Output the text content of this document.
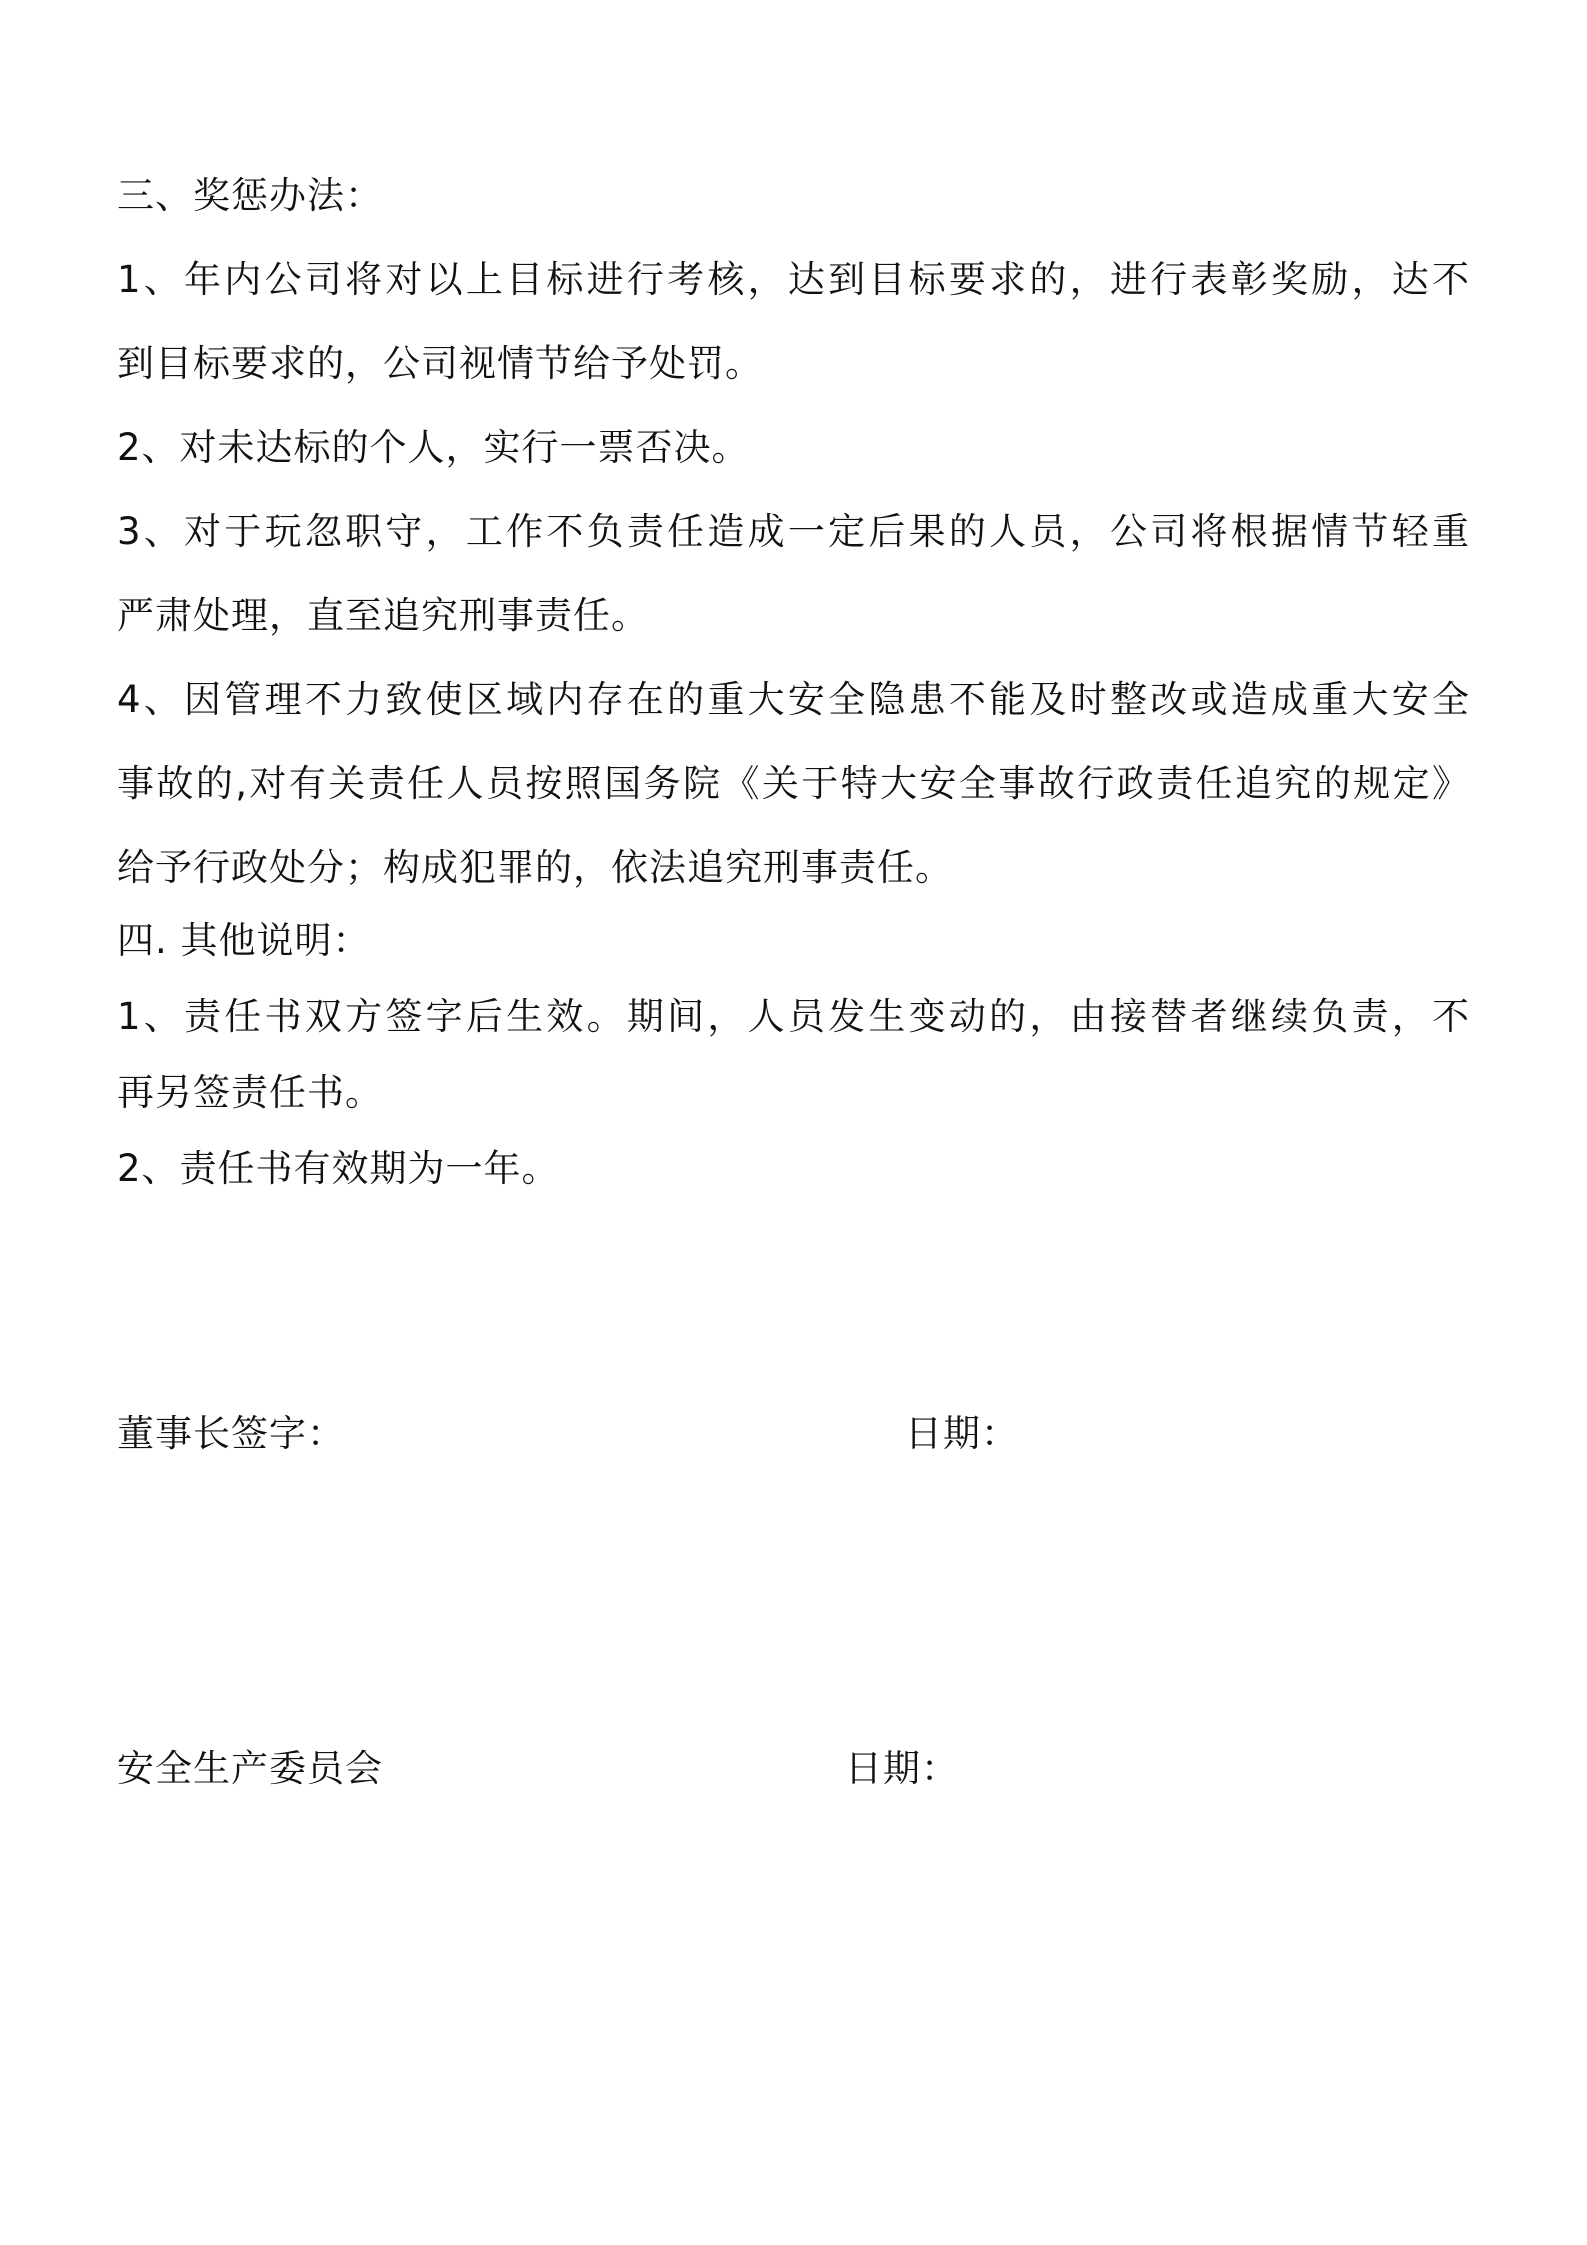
三、奖惩办法：
1、年内公司将对以上目标进行考核，达到目标要求的，进行表彰奖励，达不
到目标要求的，公司视情节给予处罚。
2、对未达标的个人，实行一票否决。
3、对于玩忽职守，工作不负责任造成一定后果的人员，公司将根据情节轻重
严肃处理，直至追究刑事责任。
4、因管理不力致使区域内存在的重大安全隐患不能及时整改或造成重大安全
事故的,对有关责任人员按照国务院《关于特大安全事故行政责任追究的规定》
给予行政处分；构成犯罪的，依法追究刑事责任。
四. 其他说明：
1、责任书双方签字后生效。期间，人员发生变动的，由接替者继续负责，不
再另签责任书。
2、责任书有效期为一年。
董事长签字：	日期：
安全生产委员会	日期：
